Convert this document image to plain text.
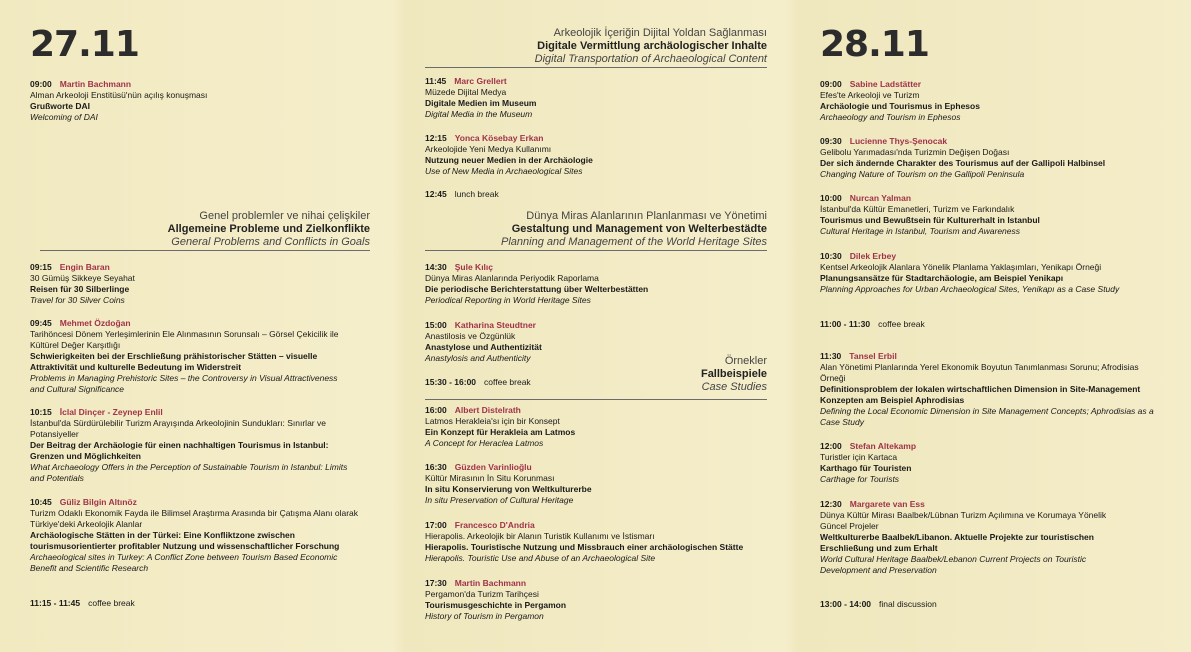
27.11
09:00 Martin Bachmann
Alman Arkeoloji Enstitüsü'nün açılış konuşması
Grußworte DAI
Welcoming of DAI
Genel problemler ve nihai çelişkiler
Allgemeine Probleme und Zielkonflikte
General Problems and Conflicts in Goals
09:15 Engin Baran
30 Gümüş Sikkeye Seyahat
Reisen für 30 Silberlinge
Travel for 30 Silver Coins
09:45 Mehmet Özdoğan
Tarihöncesi Dönem Yerleşimlerinin Ele Alınmasının Sorunsalı – Görsel Çekicilik ile Kültürel Değer Karşıtlığı
Schwierigkeiten bei der Erschließung prähistorischer Stätten – visuelle Attraktivität und kulturelle Bedeutung im Widerstreit
Problems in Managing Prehistoric Sites – the Controversy in Visual Attractiveness and Cultural Significance
10:15 İclal Dinçer - Zeynep Enlil
İstanbul'da Sürdürülebilir Turizm Arayışında Arkeolojinin Sundukları: Sınırlar ve Potansiyeller
Der Beitrag der Archäologie für einen nachhaltigen Tourismus in Istanbul: Grenzen und Möglichkeiten
What Archaeology Offers in the Perception of Sustainable Tourism in Istanbul: Limits and Potentials
10:45 Güliz Bilgin Altınöz
Turizm Odaklı Ekonomik Fayda ile Bilimsel Araştırma Arasında bir Çatışma Alanı olarak Türkiye'deki Arkeolojik Alanlar
Archäologische Stätten in der Türkei: Eine Konfliktzone zwischen tourismusorientierter profitabler Nutzung und wissenschaftlicher Forschung
Archaeological sites in Turkey: A Conflict Zone between Tourism Based Economic Benefit and Scientific Research
11:15 - 11:45 coffee break
Arkeolojik İçeriğin Dijital Yoldan Sağlanması
Digitale Vermittlung archäologischer Inhalte
Digital Transportation of Archaeological Content
11:45 Marc Grellert
Müzede Dijital Medya
Digitale Medien im Museum
Digital Media in the Museum
12:15 Yonca Kösebay Erkan
Arkeolojide Yeni Medya Kullanımı
Nutzung neuer Medien in der Archäologie
Use of New Media in Archaeological Sites
12:45 lunch break
Dünya Miras Alanlarının Planlanması ve Yönetimi
Gestaltung und Management von Welterbestädte
Planning and Management of the World Heritage Sites
14:30 Şule Kılıç
Dünya Miras Alanlarında Periyodik Raporlama
Die periodische Berichterstattung über Welterbestätten
Periodical Reporting in World Heritage Sites
15:00 Katharina Steudtner
Anastilosis ve Özgünlük
Anastylose und Authentizität
Anastylosis and Authenticity
15:30 - 16:00 coffee break
Örnekler
Fallbeispiele
Case Studies
16:00 Albert Distelrath
Latmos Herakleia'sı için bir Konsept
Ein Konzept für Herakleia am Latmos
A Concept for Heraclea Latmos
16:30 Güzden Varinlioğlu
Kültür Mirasının İn Situ Korunması
In situ Konservierung von Weltkulturerbe
In situ Preservation of Cultural Heritage
17:00 Francesco D'Andria
Hierapolis. Arkeolojik bir Alanın Turistik Kullanımı ve İstismarı
Hierapolis. Touristische Nutzung und Missbrauch einer archäologischen Stätte
Hierapolis. Touristic Use and Abuse of an Archaeological Site
17:30 Martin Bachmann
Pergamon'da Turizm Tarihçesi
Tourismusgeschichte in Pergamon
History of Tourism in Pergamon
28.11
09:00 Sabine Ladstätter
Efes'te Arkeoloji ve Turizm
Archäologie und Tourismus in Ephesos
Archaeology and Tourism in Ephesos
09:30 Lucienne Thys-Şenocak
Gelibolu Yarımadası'nda Turizmin Değişen Doğası
Der sich ändernde Charakter des Tourismus auf der Gallipoli Halbinsel
Changing Nature of Tourism on the Gallipoli Peninsula
10:00 Nurcan Yalman
İstanbul'da Kültür Emanetleri, Turizm ve Farkındalık
Tourismus und Bewußtsein für Kulturerhalt in Istanbul
Cultural Heritage in Istanbul, Tourism and Awareness
10:30 Dilek Erbey
Kentsel Arkeolojik Alanlara Yönelik Planlama Yaklaşımları, Yenikapı Örneği
Planungsansätze für Stadtarchäologie, am Beispiel Yenikapı
Planning Approaches for Urban Archaeological Sites, Yenikapı as a Case Study
11:00 - 11:30 coffee break
11:30 Tansel Erbil
Alan Yönetimi Planlarında Yerel Ekonomik Boyutun Tanımlanması Sorunu; Afrodisias Örneği
Definitionsproblem der lokalen wirtschaftlichen Dimension in Site-Management Konzepten am Beispiel Aphrodisias
Defining the Local Economic Dimension in Site Management Concepts; Aphrodisias as a Case Study
12:00 Stefan Altekamp
Turistler için Kartaca
Karthago für Touristen
Carthage for Tourists
12:30 Margarete van Ess
Dünya Kültür Mirası Baalbek/Lübnan Turizm Açılımına ve Korumaya Yönelik Güncel Projeler
Weltkulturerbe Baalbek/Libanon. Aktuelle Projekte zur touristischen Erschließung und zum Erhalt
World Cultural Heritage Baalbek/Lebanon Current Projects on Touristic Development and Preservation
13:00 - 14:00 final discussion
